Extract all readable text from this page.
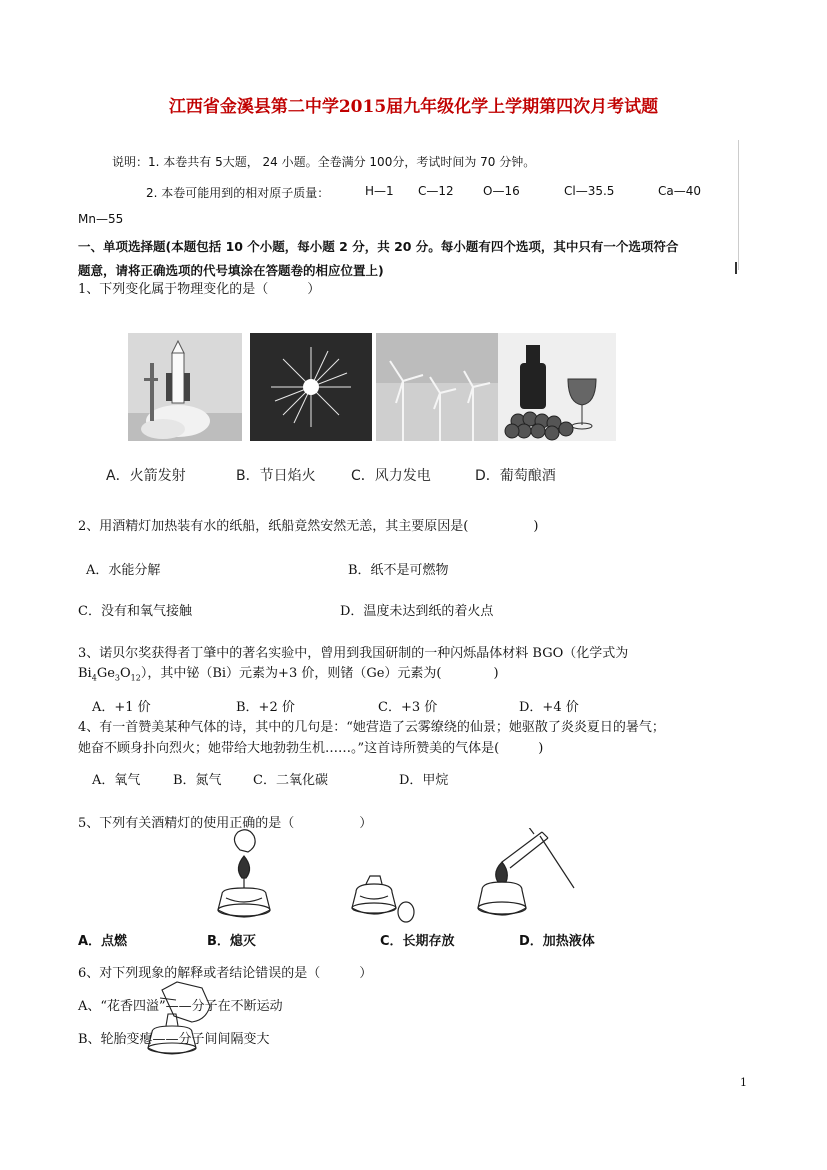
江西省金溪县第二中学2015届九年级化学上学期第四次月考试题
说明：1. 本卷共有 5大题， 24 小题。全卷满分 100分，考试时间为 70 分钟。
2. 本卷可能用到的相对原子质量：	H—1 C—12 O—16	Cl—35.5	Ca—40
Mn—55
一、单项选择题(本题包括 10 个小题，每小题 2 分，共 20 分。每小题有四个选项，其中只有一个选项符合
题意，请将正确选项的代号填涂在答题卷的相应位置上)
1、下列变化属于物理变化的是（　　　）
A．火箭发射	B．节日焰火	C．风力发电	D．葡萄酿酒
2、用酒精灯加热装有水的纸船，纸船竟然安然无恙，其主要原因是(　　　　　)
A．水能分解	B．纸不是可燃物
C．没有和氧气接触	D．温度未达到纸的着火点
3、诺贝尔奖获得者丁肇中的著名实验中，曾用到我国研制的一种闪烁晶体材料 BGO（化学式为
$Bi_4Ge_3O_{12}$），其中铋（Bi）元素为+3 价，则锗（Ge）元素为(　　　　)
A．+1 价	B．+2 价	C．+3 价	D．+4 价
4、有一首赞美某种气体的诗，其中的几句是：“她营造了云雾缭绕的仙景；她驱散了炎炎夏日的暑气；
她奋不顾身扑向烈火；她带给大地勃勃生机……。”这首诗所赞美的气体是(　　　)
A．氧气	B．氮气 C．二氧化碳	D．甲烷
5、下列有关酒精灯的使用正确的是（　　　　　）
A．点燃	B．熄灭	C．长期存放	D．加热液体
6、对下列现象的解释或者结论错误的是（　　　）
A、“花香四溢”——分子在不断运动
B、轮胎变瘪——分子间间隔变大
1
